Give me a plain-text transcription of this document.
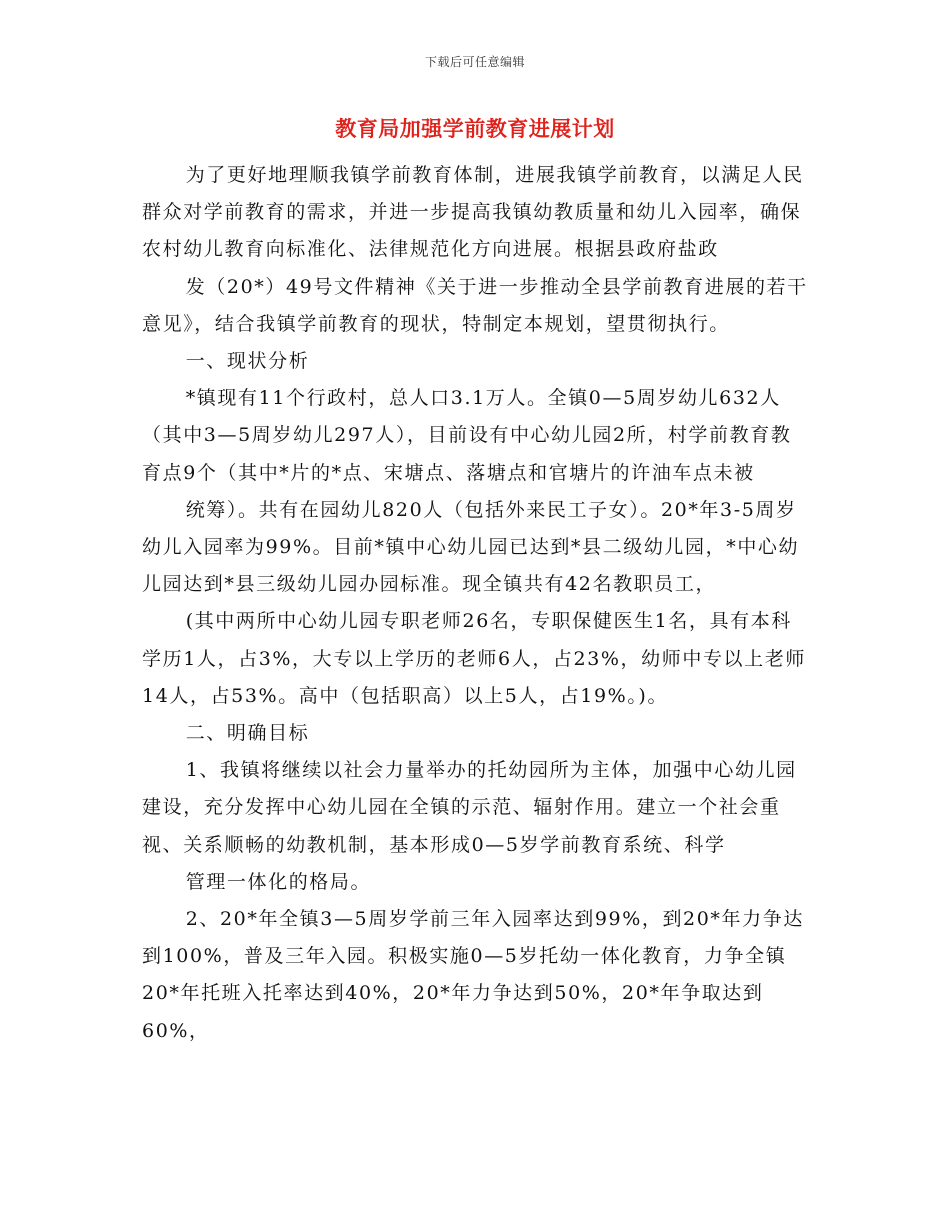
下载后可任意编辑
教育局加强学前教育进展计划

为了更好地理顺我镇学前教育体制，进展我镇学前教育，以满足人民群众对学前教育的需求，并进一步提高我镇幼教质量和幼儿入园率，确保农村幼儿教育向标准化、法律规范化方向进展。根据县政府盐政

发（20*）49号文件精神《关于进一步推动全县学前教育进展的若干意见》，结合我镇学前教育的现状，特制定本规划，望贯彻执行。

一、现状分析

*镇现有11个行政村，总人口3.1万人。全镇0—5周岁幼儿632人（其中3—5周岁幼儿297人），目前设有中心幼儿园2所，村学前教育教育点9个（其中*片的*点、宋塘点、落塘点和官塘片的许油车点未被

统筹）。共有在园幼儿820人（包括外来民工子女）。20*年3-5周岁幼儿入园率为99%。目前*镇中心幼儿园已达到*县二级幼儿园，*中心幼儿园达到*县三级幼儿园办园标准。现全镇共有42名教职员工，

(其中两所中心幼儿园专职老师26名，专职保健医生1名，具有本科学历1人，占3%，大专以上学历的老师6人，占23%，幼师中专以上老师14人，占53%。高中（包括职高）以上5人，占19%。)。

二、明确目标

1、我镇将继续以社会力量举办的托幼园所为主体，加强中心幼儿园建设，充分发挥中心幼儿园在全镇的示范、辐射作用。建立一个社会重视、关系顺畅的幼教机制，基本形成0—5岁学前教育系统、科学

管理一体化的格局。

2、20*年全镇3—5周岁学前三年入园率达到99%，到20*年力争达到100%，普及三年入园。积极实施0—5岁托幼一体化教育，力争全镇20*年托班入托率达到40%，20*年力争达到50%，20*年争取达到60%，
